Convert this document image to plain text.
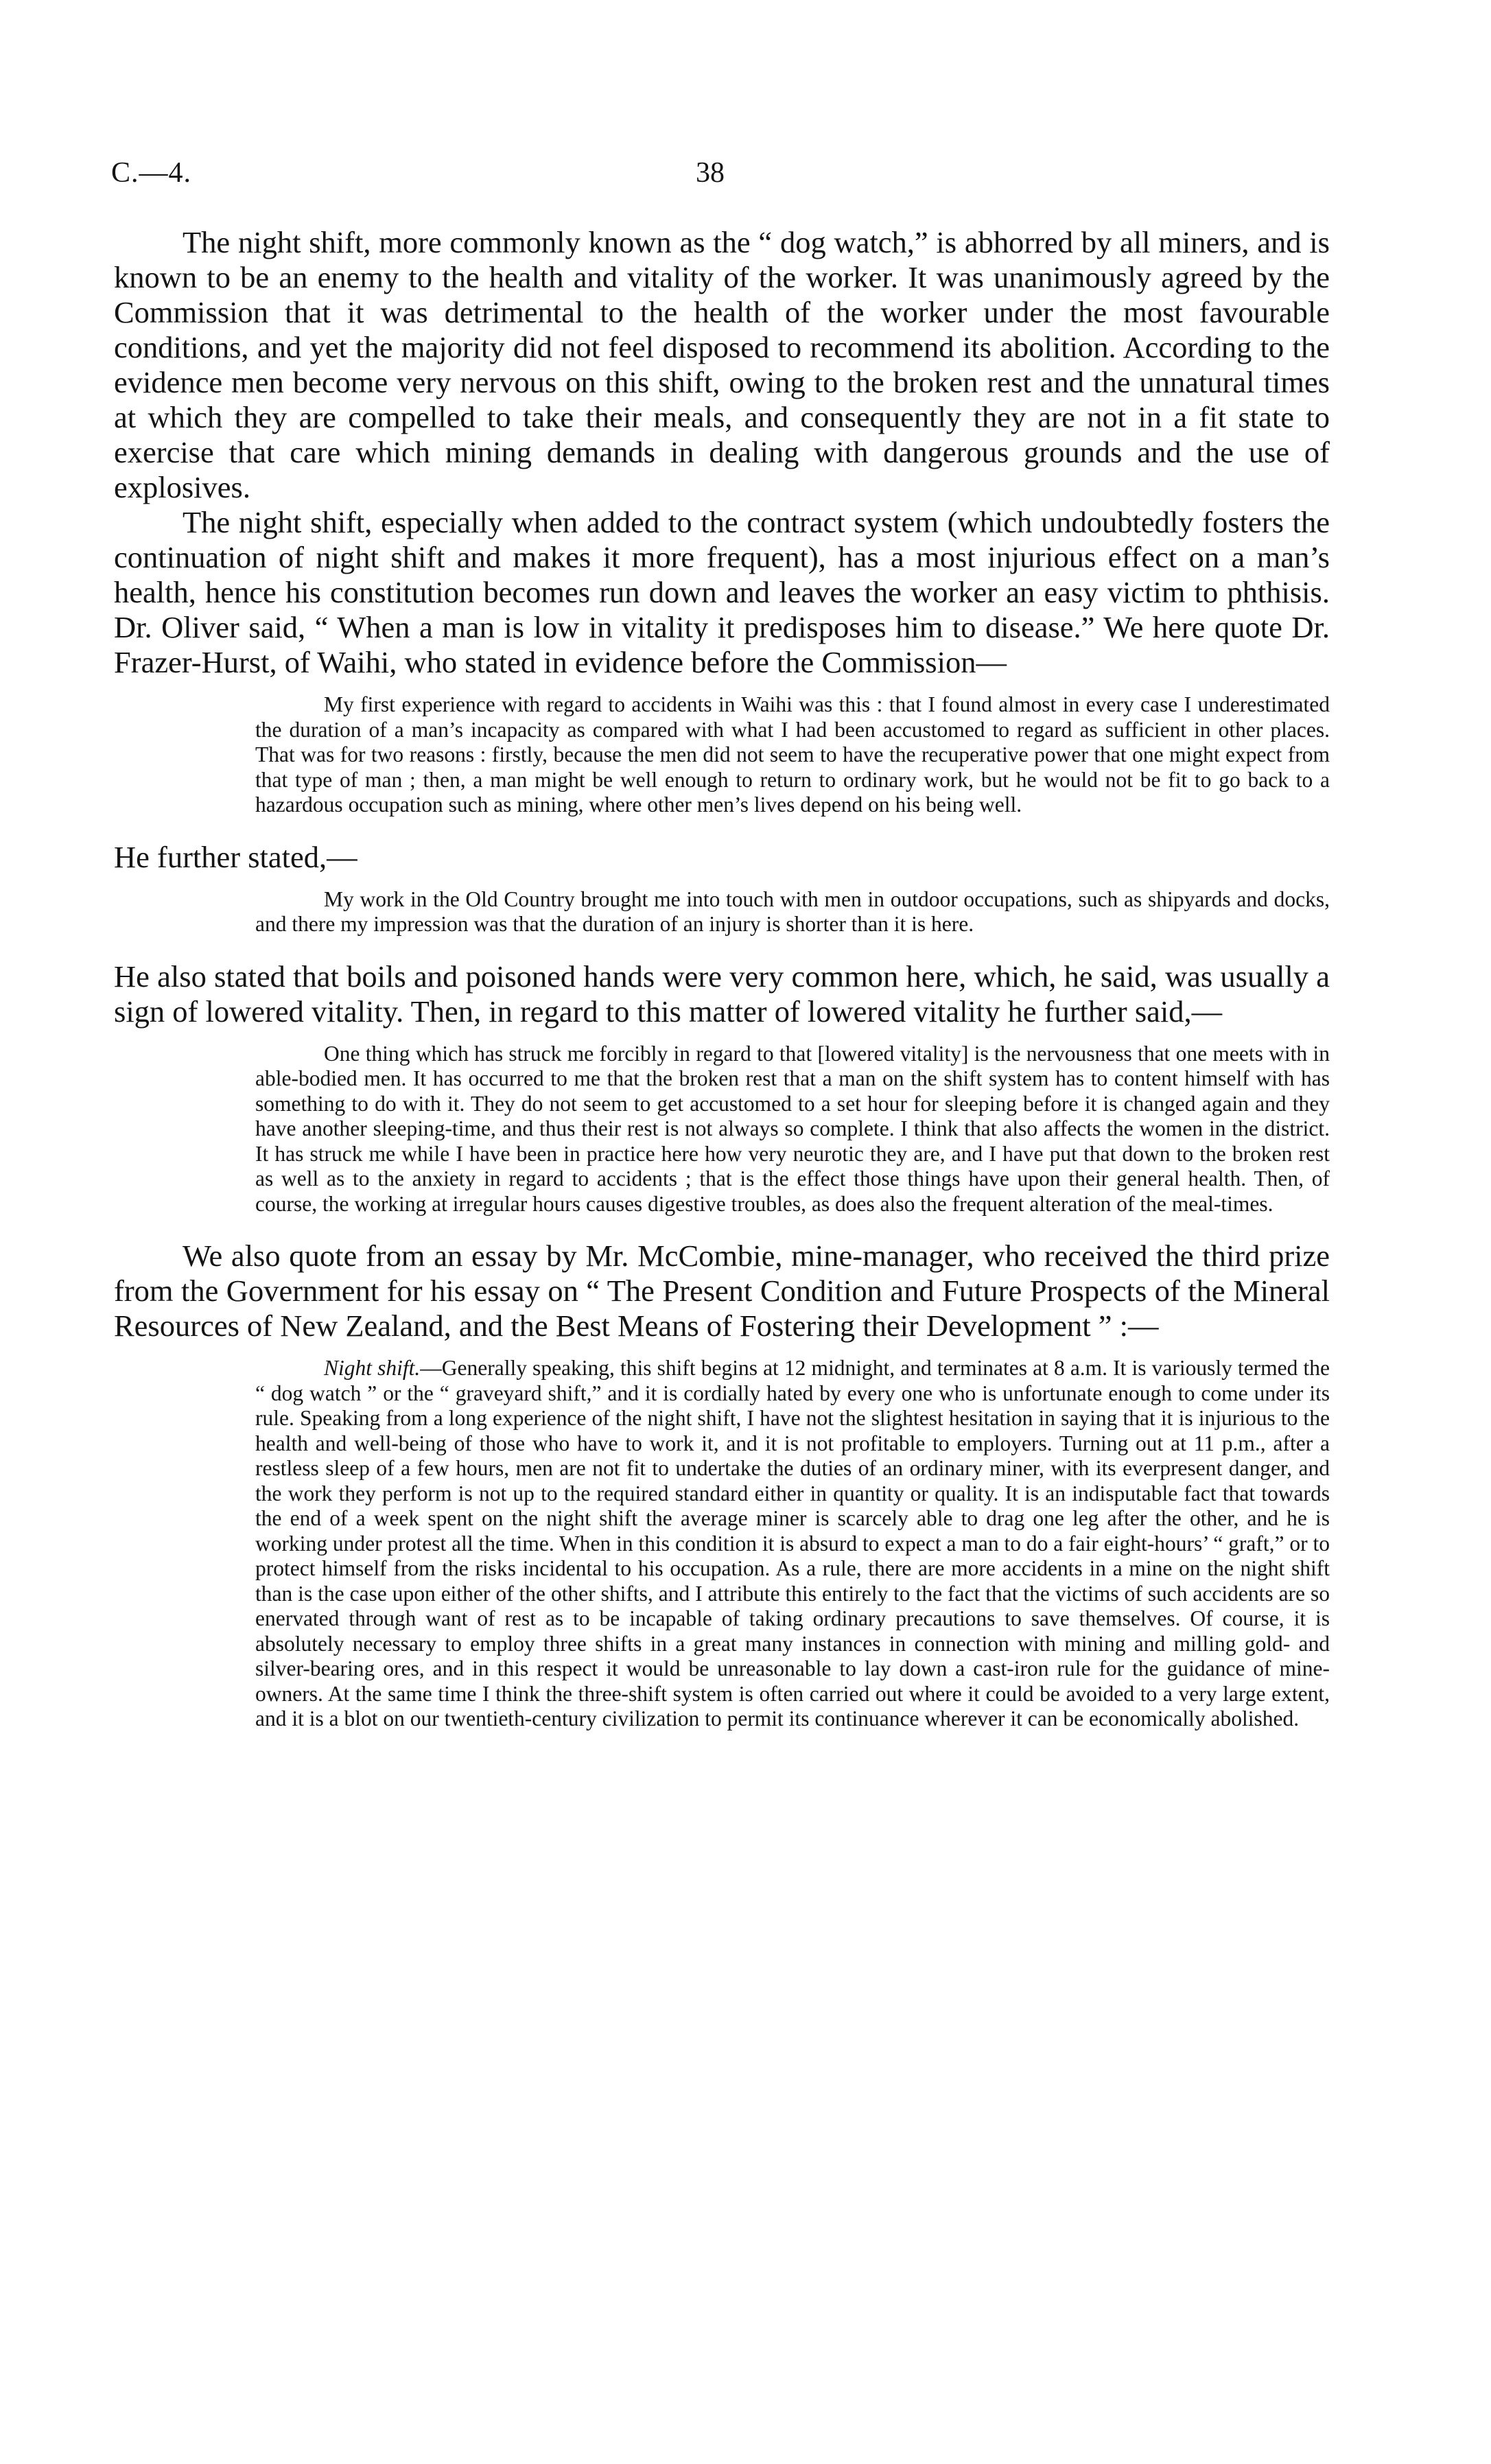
C.—4.	38

The night shift, more commonly known as the “ dog watch,” is abhorred by all miners, and is known to be an enemy to the health and vitality of the worker. It was unanimously agreed by the Commission that it was detrimental to the health of the worker under the most favourable conditions, and yet the majority did not feel disposed to recommend its abolition. According to the evidence men become very nervous on this shift, owing to the broken rest and the unnatural times at which they are compelled to take their meals, and consequently they are not in a fit state to exercise that care which mining demands in dealing with dangerous grounds and the use of explosives.

The night shift, especially when added to the contract system (which undoubtedly fosters the continuation of night shift and makes it more frequent), has a most injurious effect on a man’s health, hence his constitution becomes run down and leaves the worker an easy victim to phthisis. Dr. Oliver said, “ When a man is low in vitality it predisposes him to disease.” We here quote Dr. Frazer-Hurst, of Waihi, who stated in evidence before the Commission—

My first experience with regard to accidents in Waihi was this : that I found almost in every case I underestimated the duration of a man’s incapacity as compared with what I had been accustomed to regard as sufficient in other places. That was for two reasons : firstly, because the men did not seem to have the recuperative power that one might expect from that type of man ; then, a man might be well enough to return to ordinary work, but he would not be fit to go back to a hazardous occupation such as mining, where other men’s lives depend on his being well.

He further stated,—

My work in the Old Country brought me into touch with men in outdoor occupations, such as shipyards and docks, and there my impression was that the duration of an injury is shorter than it is here.

He also stated that boils and poisoned hands were very common here, which, he said, was usually a sign of lowered vitality. Then, in regard to this matter of lowered vitality he further said,—

One thing which has struck me forcibly in regard to that [lowered vitality] is the nervousness that one meets with in able-bodied men. It has occurred to me that the broken rest that a man on the shift system has to content himself with has something to do with it. They do not seem to get accustomed to a set hour for sleeping before it is changed again and they have another sleeping-time, and thus their rest is not always so complete. I think that also affects the women in the district. It has struck me while I have been in practice here how very neurotic they are, and I have put that down to the broken rest as well as to the anxiety in regard to accidents ; that is the effect those things have upon their general health. Then, of course, the working at irregular hours causes digestive troubles, as does also the frequent alteration of the meal-times.

We also quote from an essay by Mr. McCombie, mine-manager, who received the third prize from the Government for his essay on “ The Present Condition and Future Prospects of the Mineral Resources of New Zealand, and the Best Means of Fostering their Development ” :—

Night shift.—Generally speaking, this shift begins at 12 midnight, and terminates at 8 a.m. It is variously termed the “ dog watch ” or the “ graveyard shift,” and it is cordially hated by every one who is unfortunate enough to come under its rule. Speaking from a long experience of the night shift, I have not the slightest hesitation in saying that it is injurious to the health and well-being of those who have to work it, and it is not profitable to employers. Turning out at 11 p.m., after a restless sleep of a few hours, men are not fit to undertake the duties of an ordinary miner, with its everpresent danger, and the work they perform is not up to the required standard either in quantity or quality. It is an indisputable fact that towards the end of a week spent on the night shift the average miner is scarcely able to drag one leg after the other, and he is working under protest all the time. When in this condition it is absurd to expect a man to do a fair eight-hours’ “ graft,” or to protect himself from the risks incidental to his occupation. As a rule, there are more accidents in a mine on the night shift than is the case upon either of the other shifts, and I attribute this entirely to the fact that the victims of such accidents are so enervated through want of rest as to be incapable of taking ordinary precautions to save themselves. Of course, it is absolutely necessary to employ three shifts in a great many instances in connection with mining and milling gold- and silver-bearing ores, and in this respect it would be unreasonable to lay down a cast-iron rule for the guidance of mine-owners. At the same time I think the three-shift system is often carried out where it could be avoided to a very large extent, and it is a blot on our twentieth-century civilization to permit its continuance wherever it can be economically abolished.
